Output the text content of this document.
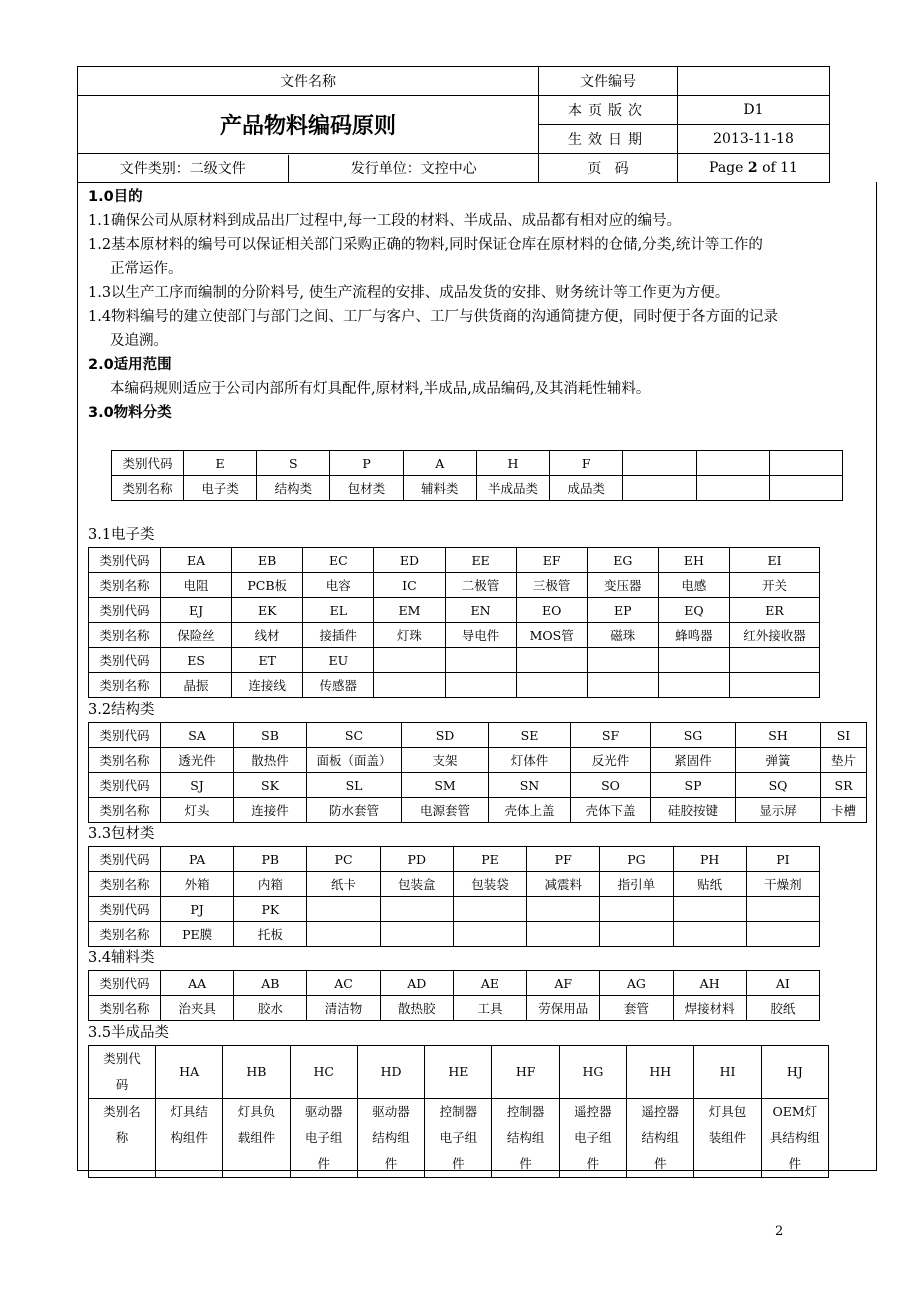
文件名称	文件编号	
产品物料编码原则	本页版次	D1
生效日期	2013-11-18

文件类别：二级文件	发行单位：文控中心
		页   码	Page 2 of 11

1.0目的

1.1确保公司从原材料到成品出厂过程中,每一工段的材料、半成品、成品都有相对应的编号。

1.2基本原材料的编号可以保证相关部门采购正确的物料,同时保证仓库在原材料的仓储,分类,统计等工作的

正常运作。

1.3以生产工序而编制的分阶料号, 使生产流程的安排、成品发货的安排、财务统计等工作更为方便。

1.4物料编号的建立使部门与部门之间、工厂与客户、工厂与供货商的沟通简捷方便，同时便于各方面的记录

及追溯。

2.0适用范围

本编码规则适应于公司内部所有灯具配件,原材料,半成品,成品编码,及其消耗性辅料。

3.0物料分类

类别代码	E	S	P	A	H	F			
类别名称	电子类	结构类	包材类	辅料类	半成品类	成品类			
3.1电子类
类别代码	EA	EB	EC	ED	EE	EF	EG	EH	EI
类别名称	电阻	PCB板	电容	IC	二极管	三极管	变压器	电感	开关
类别代码	EJ	EK	EL	EM	EN	EO	EP	EQ	ER
类别名称	保险丝	线材	接插件	灯珠	导电件	MOS管	磁珠	蜂鸣器	红外接收器
类别代码	ES	ET	EU						
类别名称	晶振	连接线	传感器						
3.2结构类
类别代码	SA	SB	SC	SD	SE	SF	SG	SH	SI
类别名称	透光件	散热件	面板（面盖）	支架	灯体件	反光件	紧固件	弹簧	垫片
类别代码	SJ	SK	SL	SM	SN	SO	SP	SQ	SR
类别名称	灯头	连接件	防水套管	电源套管	壳体上盖	壳体下盖	硅胶按键	显示屏	卡槽
3.3包材类
类别代码	PA	PB	PC	PD	PE	PF	PG	PH	PI
类别名称	外箱	内箱	纸卡	包装盒	包装袋	减震料	指引单	贴纸	干燥剂
类别代码	PJ	PK							
类别名称	PE膜	托板							
3.4辅料类
类别代码	AA	AB	AC	AD	AE	AF	AG	AH	AI
类别名称	治夹具	胶水	清洁物	散热胶	工具	劳保用品	套管	焊接材料	胶纸
3.5半成品类
类别代码	HA	HB	HC	HD	HE	HF	HG	HH	HI	HJ
类别名称	灯具结构组件	灯具负载组件	驱动器电子组件	驱动器结构组件	控制器电子组件	控制器结构组件	遥控器电子组件	遥控器结构组件	灯具包装组件	OEM灯具结构组件
2
